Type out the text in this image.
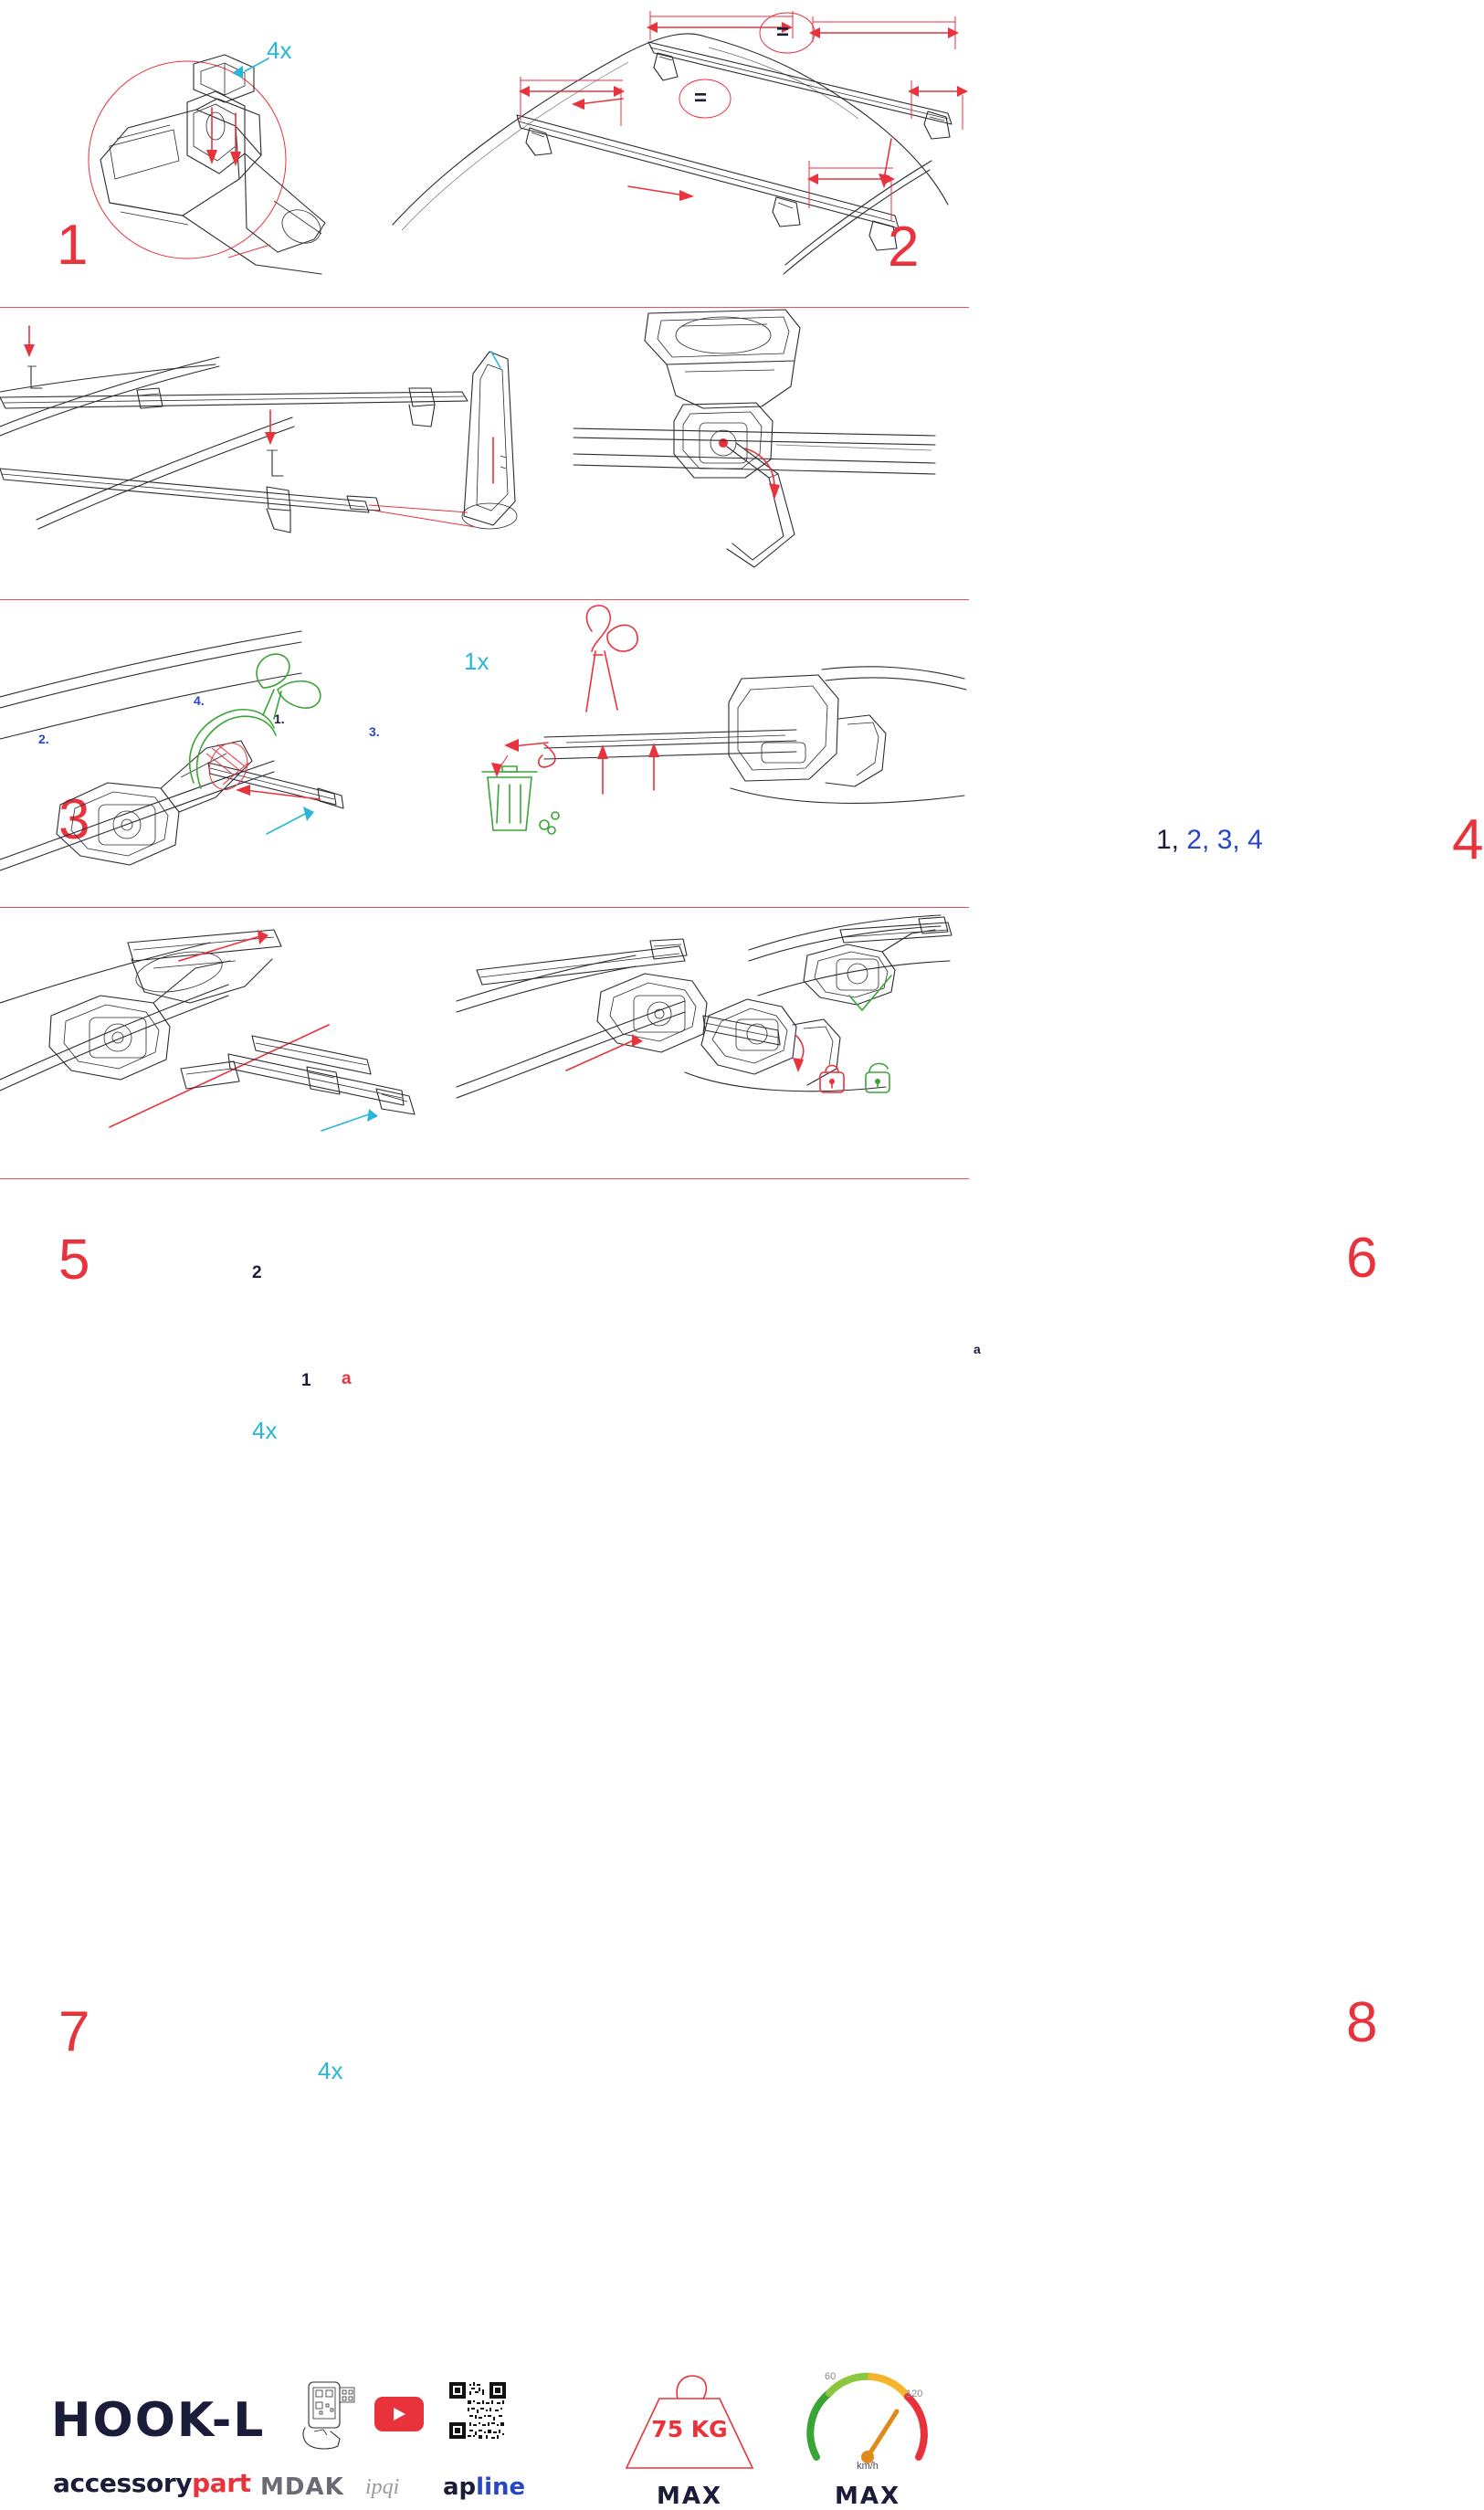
4x
1
=
=
2
1.
2.	3.
4.
1x
3	1, 2, 3, 4	4
5
1
2
a
4x
6
a
7
4x
8
HOOK-L
accessorypart MDAK ipqi apline
75 KG
MAX
60
120
km/h
MAX
